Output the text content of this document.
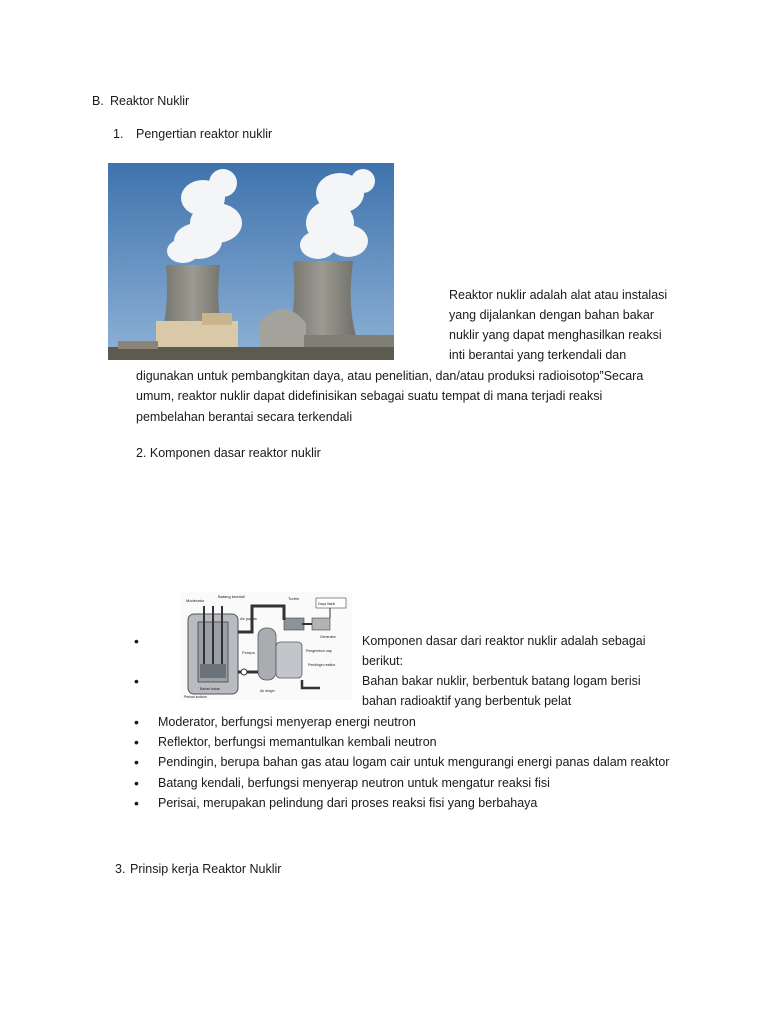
B. Reaktor Nuklir
1. Pengertian reaktor nuklir
Reaktor nuklir adalah alat atau instalasi
yang dijalankan dengan bahan bakar
nuklir yang dapat menghasilkan reaksi
inti berantai yang terkendali dan
digunakan untuk pembangkitan daya, atau penelitian, dan/atau produksi radioisotop”Secara
umum, reaktor nuklir dapat didefinisikan sebagai suatu tempat di mana terjadi reaksi
pembelahan berantai secara terkendali
2. Komponen dasar reaktor nuklir
Moderator
Batang kendali
Air panas
Turbin
Daya listrik
Generator
Pompa	Pengembun uap
Air dingin
Bahan bakar
Perisai sodium
Pendingin reaktor
•	Komponen dasar dari reaktor nuklir adalah sebagai
berikut:
•	Bahan bakar nuklir, berbentuk batang logam berisi
bahan radioaktif yang berbentuk pelat
• Moderator, berfungsi menyerap energi neutron
• Reflektor, berfungsi memantulkan kembali neutron
• Pendingin, berupa bahan gas atau logam cair untuk mengurangi energi panas dalam reaktor
• Batang kendali, berfungsi menyerap neutron untuk mengatur reaksi fisi
• Perisai, merupakan pelindung dari proses reaksi fisi yang berbahaya
3. Prinsip kerja Reaktor Nuklir
